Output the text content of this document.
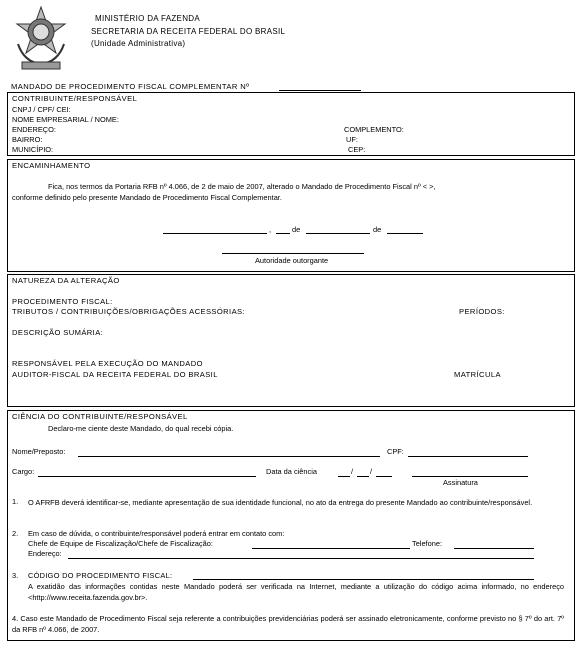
MINISTÉRIO DA FAZENDA
SECRETARIA DA RECEITA FEDERAL DO BRASIL
(Unidade Administrativa)
MANDADO DE PROCEDIMENTO FISCAL COMPLEMENTAR Nº
CONTRIBUINTE/RESPONSÁVEL
CNPJ / CPF/ CEI:
NOME EMPRESARIAL / NOME:
ENDEREÇO:	COMPLEMENTO:
BAIRRO:	UF:
MUNICÍPIO:	CEP:
ENCAMINHAMENTO
Fica, nos termos da Portaria RFB nº 4.066, de 2 de maio de 2007, alterado o Mandado de Procedimento Fiscal nº < >,
conforme definido pelo presente Mandado de Procedimento Fiscal Complementar.
,	de	de
Autoridade outorgante
NATUREZA DA ALTERAÇÃO
PROCEDIMENTO FISCAL:
TRIBUTOS / CONTRIBUIÇÕES/OBRIGAÇÕES ACESSÓRIAS:	PERÍODOS:
DESCRIÇÃO SUMÁRIA:
RESPONSÁVEL PELA EXECUÇÃO DO MANDADO
AUDITOR-FISCAL DA RECEITA FEDERAL DO BRASIL	MATRÍCULA
CIÊNCIA DO CONTRIBUINTE/RESPONSÁVEL
Declaro-me ciente deste Mandado, do qual recebi cópia.
Nome/Preposto:	CPF:
Cargo:	Data da ciência	/ /
Assinatura
1. O AFRFB deverá identificar-se, mediante apresentação de sua identidade funcional, no ato da entrega do presente Mandado ao contribuinte/responsável.
2. Em caso de dúvida, o contribuinte/responsável poderá entrar em contato com:
Chefe de Equipe de Fiscalização/Chefe de Fiscalização:	Telefone:
Endereço:
3. CÓDIGO DO PROCEDIMENTO FISCAL:
A exatidão das informações contidas neste Mandado poderá ser verificada na Internet, mediante a utilização do código acima informado, no endereço <http://www.receita.fazenda.gov.br>.
4. Caso este Mandado de Procedimento Fiscal seja referente a contribuições previdenciárias poderá ser assinado eletronicamente, conforme previsto no § 7º do art. 7º da RFB nº 4.066, de 2007.
